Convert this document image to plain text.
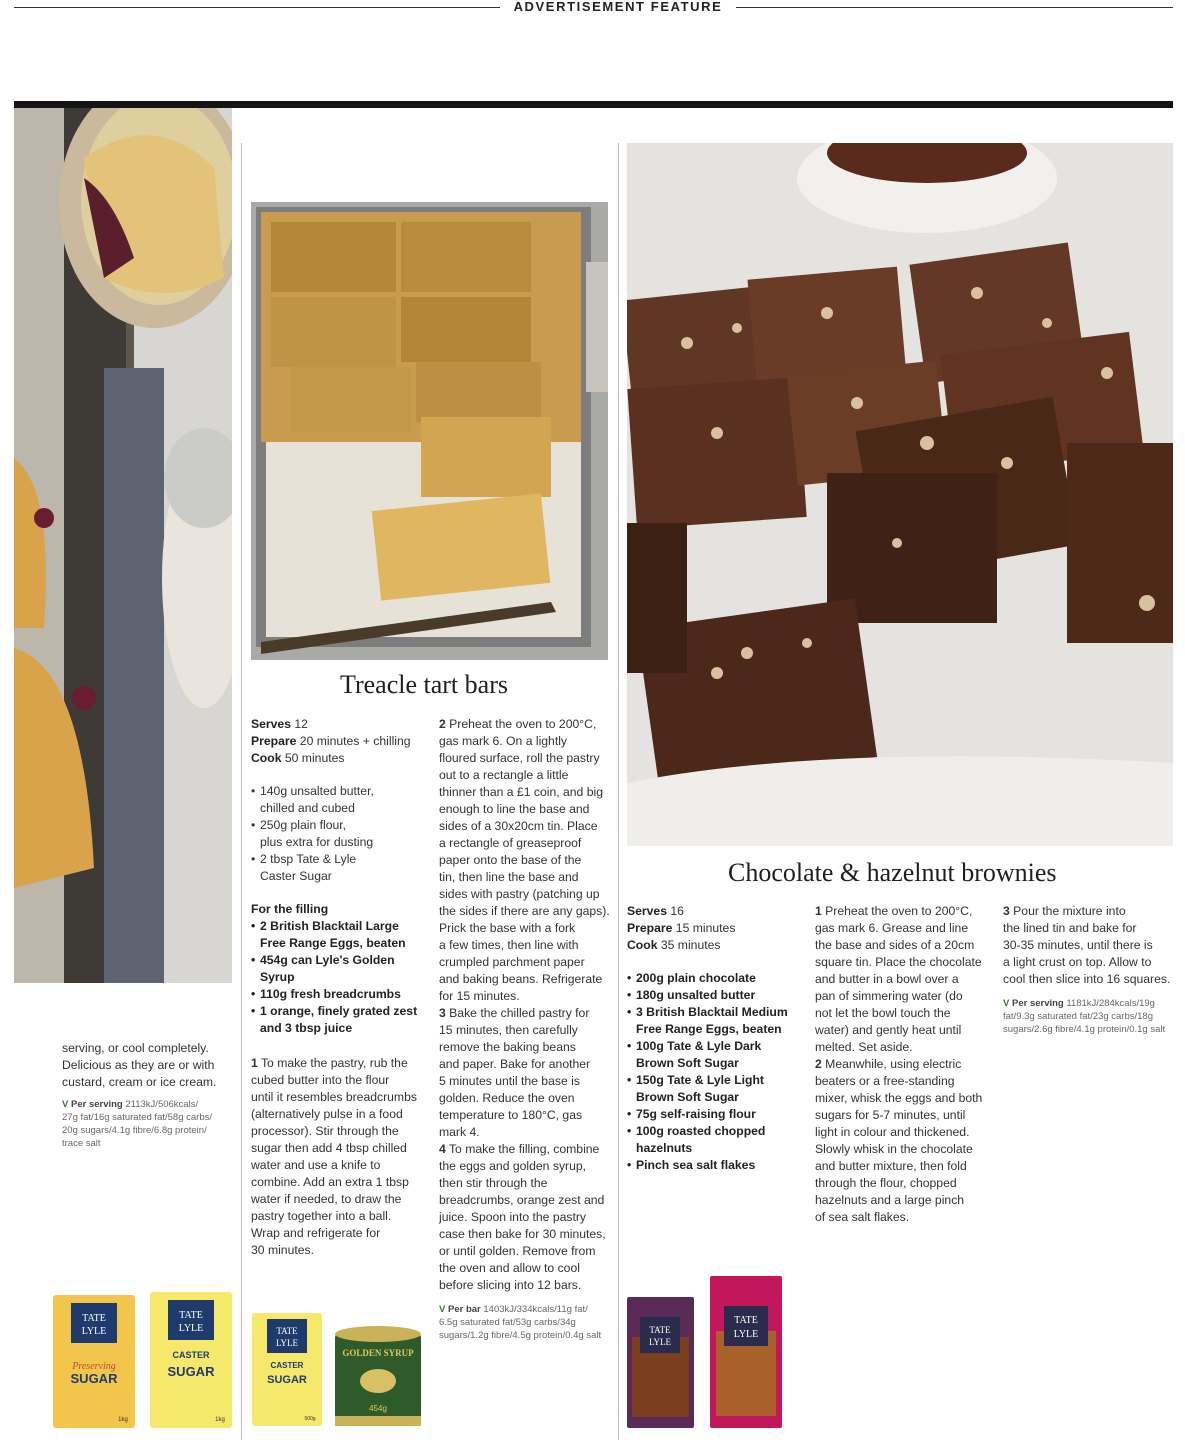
ADVERTISEMENT FEATURE

serving, or cool completely.

Delicious as they are or with

custard, cream or ice cream.

V Per serving 2113kJ/506kcals/
27g fat/16g saturated fat/58g carbs/
20g sugars/4.1g fibre/6.8g protein/
trace salt
Treacle tart bars

Serves 12

Prepare 20 minutes + chilling

Cook 50 minutes

• 140g unsalted butter,
chilled and cubed
• 250g plain flour,
plus extra for dusting
• 2 tbsp Tate & Lyle
Caster Sugar

For the filling

• 2 British Blacktail Large
Free Range Eggs, beaten
• 454g can Lyle's Golden
Syrup
• 110g fresh breadcrumbs
• 1 orange, finely grated zest
and 3 tbsp juice
1 To make the pastry, rub the
cubed butter into the flour
until it resembles breadcrumbs
(alternatively pulse in a food
processor). Stir through the
sugar then add 4 tbsp chilled
water and use a knife to
combine. Add an extra 1 tbsp
water if needed, to draw the
pastry together into a ball.
Wrap and refrigerate for
30 minutes.
2 Preheat the oven to 200°C,
gas mark 6. On a lightly
floured surface, roll the pastry
out to a rectangle a little
thinner than a £1 coin, and big
enough to line the base and
sides of a 30x20cm tin. Place
a rectangle of greaseproof
paper onto the base of the
tin, then line the base and
sides with pastry (patching up
the sides if there are any gaps).
Prick the base with a fork
a few times, then line with
crumpled parchment paper
and baking beans. Refrigerate
for 15 minutes.
3 Bake the chilled pastry for
15 minutes, then carefully
remove the baking beans
and paper. Bake for another
5 minutes until the base is
golden. Reduce the oven
temperature to 180°C, gas
mark 4.
4 To make the filling, combine
the eggs and golden syrup,
then stir through the
breadcrumbs, orange zest and
juice. Spoon into the pastry
case then bake for 30 minutes,
or until golden. Remove from
the oven and allow to cool
before slicing into 12 bars.
V Per bar 1403kJ/334kcals/11g fat/
6.5g saturated fat/53g carbs/34g
sugars/1.2g fibre/4.5g protein/0.4g salt
Chocolate & hazelnut brownies

Serves 16

Prepare 15 minutes

Cook 35 minutes

• 200g plain chocolate
• 180g unsalted butter
• 3 British Blacktail Medium
Free Range Eggs, beaten
• 100g Tate & Lyle Dark
Brown Soft Sugar
• 150g Tate & Lyle Light
Brown Soft Sugar
• 75g self-raising flour
• 100g roasted chopped
hazelnuts
• Pinch sea salt flakes
1 Preheat the oven to 200°C,
gas mark 6. Grease and line
the base and sides of a 20cm
square tin. Place the chocolate
and butter in a bowl over a
pan of simmering water (do
not let the bowl touch the
water) and gently heat until
melted. Set aside.
2 Meanwhile, using electric
beaters or a free-standing
mixer, whisk the eggs and both
sugars for 5-7 minutes, until
light in colour and thickened.
Slowly whisk in the chocolate
and butter mixture, then fold
through the flour, chopped
hazelnuts and a large pinch
of sea salt flakes.
3 Pour the mixture into
the lined tin and bake for
30-35 minutes, until there is
a light crust on top. Allow to
cool then slice into 16 squares.
V Per serving 1181kJ/284kcals/19g
fat/9.3g saturated fat/23g carbs/18g
sugars/2.6g fibre/4.1g protein/0.1g salt
TATE
LYLE
Preserving
SUGAR
1kg
TATE
LYLE
CASTER
SUGAR
1kg
TATE
LYLE
CASTER
SUGAR
500g
GOLDEN SYRUP
454g
TATE
LYLE
TATE
LYLE
